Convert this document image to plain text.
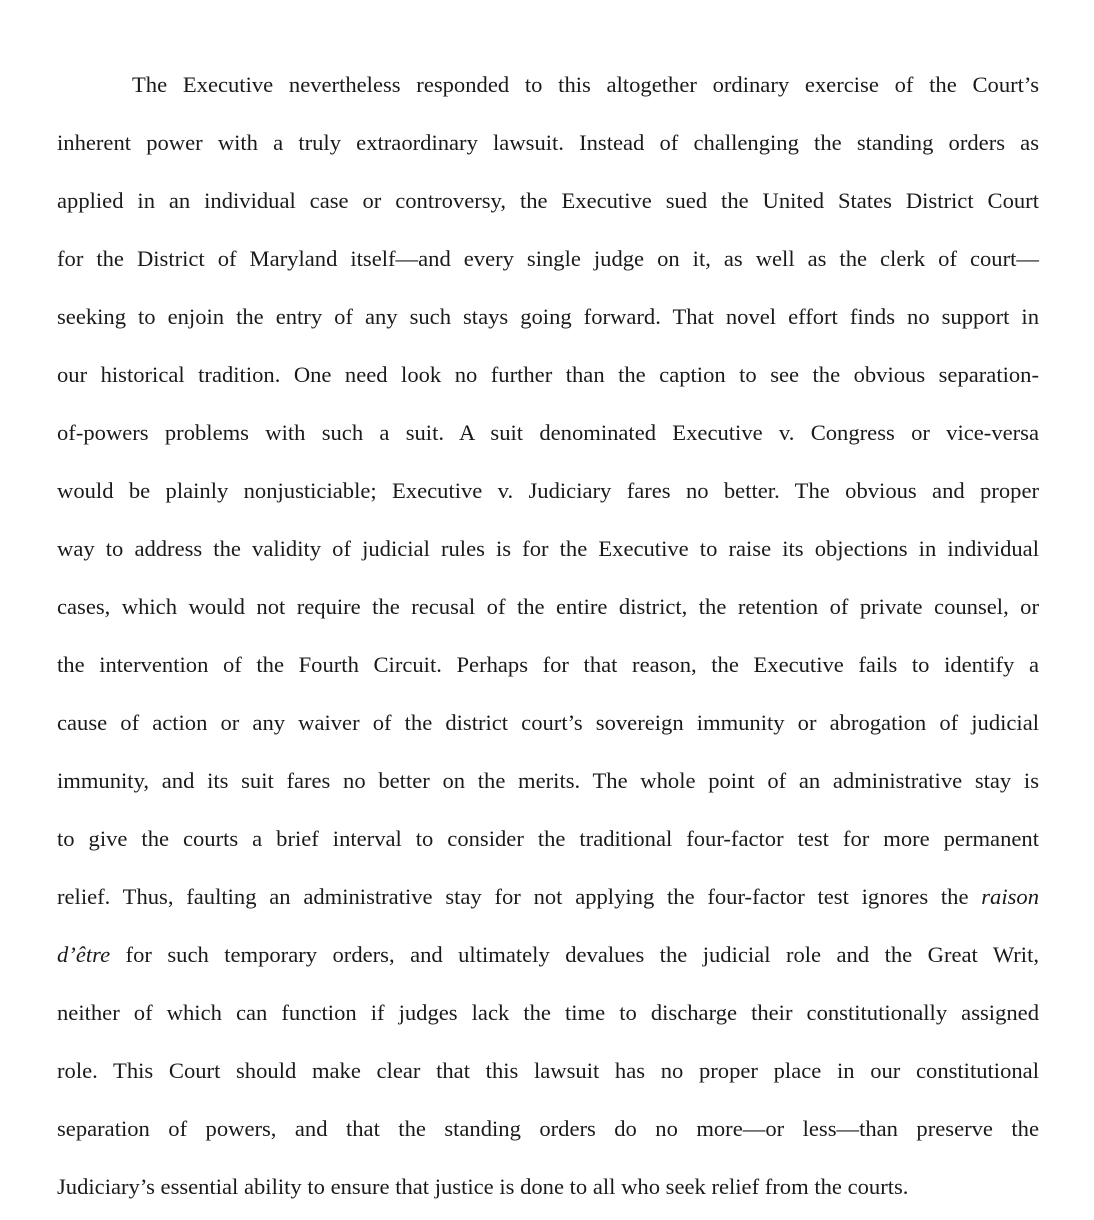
The Executive nevertheless responded to this altogether ordinary exercise of the Court’s
inherent power with a truly extraordinary lawsuit. Instead of challenging the standing orders as
applied in an individual case or controversy, the Executive sued the United States District Court
for the District of Maryland itself—and every single judge on it, as well as the clerk of court—
seeking to enjoin the entry of any such stays going forward. That novel effort finds no support in
our historical tradition. One need look no further than the caption to see the obvious separation-
of-powers problems with such a suit. A suit denominated Executive v. Congress or vice-versa
would be plainly nonjusticiable; Executive v. Judiciary fares no better. The obvious and proper
way to address the validity of judicial rules is for the Executive to raise its objections in individual
cases, which would not require the recusal of the entire district, the retention of private counsel, or
the intervention of the Fourth Circuit. Perhaps for that reason, the Executive fails to identify a
cause of action or any waiver of the district court’s sovereign immunity or abrogation of judicial
immunity, and its suit fares no better on the merits. The whole point of an administrative stay is
to give the courts a brief interval to consider the traditional four-factor test for more permanent
relief. Thus, faulting an administrative stay for not applying the four-factor test ignores the raison
d’être for such temporary orders, and ultimately devalues the judicial role and the Great Writ,
neither of which can function if judges lack the time to discharge their constitutionally assigned
role. This Court should make clear that this lawsuit has no proper place in our constitutional
separation of powers, and that the standing orders do no more—or less—than preserve the
Judiciary’s essential ability to ensure that justice is done to all who seek relief from the courts.
